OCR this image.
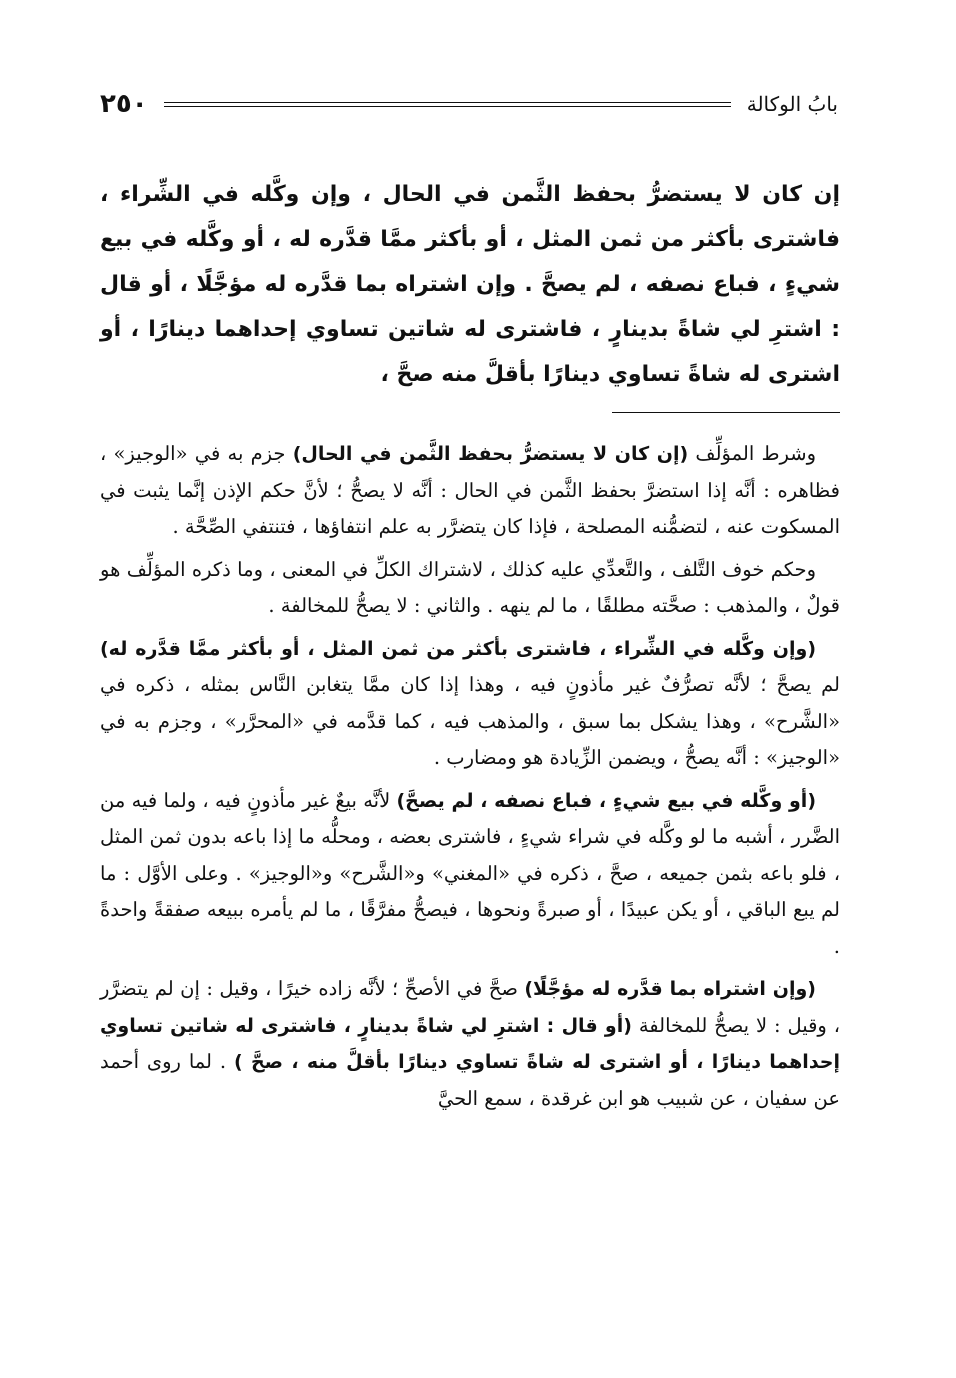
٢٥٠	بابُ الوكالة
إن كان لا يستضرُّ بحفظ الثَّمن في الحال ، وإن وكَّله في الشِّراء ، فاشترى بأكثر من ثمن المثل ، أو بأكثر ممَّا قدَّره له ، أو وكَّله في بيع شيءٍ ، فباع نصفه ، لم يصحَّ . وإن اشتراه بما قدَّره له مؤجَّلًا ، أو قال : اشترِ لي شاةً بدينارٍ ، فاشترى له شاتين تساوي إحداهما دينارًا ، أو اشترى له شاةً تساوي دينارًا بأقلَّ منه صحَّ ،

وشرط المؤلِّف (إن كان لا يستضرُّ بحفظ الثَّمن في الحال) جزم به في «الوجيز» ، فظاهره : أنَّه إذا استضرَّ بحفظ الثَّمن في الحال : أنَّه لا يصحُّ ؛ لأنَّ حكم الإذن إنَّما يثبت في المسكوت عنه ، لتضمُّنه المصلحة ، فإذا كان يتضرَّر به علم انتفاؤها ، فتنتفي الصِّحَّة .

وحكم خوف التَّلف ، والتَّعدِّي عليه كذلك ، لاشتراك الكلِّ في المعنى ، وما ذكره المؤلِّف هو قولٌ ، والمذهب : صحَّته مطلقًا ، ما لم ينهه . والثاني : لا يصحُّ للمخالفة .

(وإن وكَّله في الشِّراء ، فاشترى بأكثر من ثمن المثل ، أو بأكثر ممَّا قدَّره له) لم يصحَّ ؛ لأنَّه تصرُّفٌ غير مأذونٍ فيه ، وهذا إذا كان ممَّا يتغابن النَّاس بمثله ، ذكره في «الشَّرح» ، وهذا يشكل بما سبق ، والمذهب فيه ، كما قدَّمه في «المحرَّر» ، وجزم به في «الوجيز» : أنَّه يصحُّ ، ويضمن الزِّيادة هو ومضارب .

(أو وكَّله في بيع شيءٍ ، فباع نصفه ، لم يصحَّ) لأنَّه بيعٌ غير مأذونٍ فيه ، ولما فيه من الضَّرر ، أشبه ما لو وكَّله في شراء شيءٍ ، فاشترى بعضه ، ومحلُّه ما إذا باعه بدون ثمن المثل ، فلو باعه بثمن جميعه ، صحَّ ، ذكره في «المغني» و«الشَّرح» و«الوجيز» . وعلى الأوَّل : ما لم يبع الباقي ، أو يكن عبيدًا ، أو صبرةً ونحوها ، فيصحُّ مفرَّقًا ، ما لم يأمره ببيعه صفقةً واحدةً .

(وإن اشتراه بما قدَّره له مؤجَّلًا) صحَّ في الأصحِّ ؛ لأنَّه زاده خيرًا ، وقيل : إن لم يتضرَّر ، وقيل : لا يصحُّ للمخالفة (أو قال : اشترِ لي شاةً بدينارٍ ، فاشترى له شاتين تساوي إحداهما دينارًا ، أو اشترى له شاةً تساوي دينارًا بأقلَّ منه ، صحَّ ) . لما روى أحمد عن سفيان ، عن شبيب هو ابن غرقدة ، سمع الحيَّ
